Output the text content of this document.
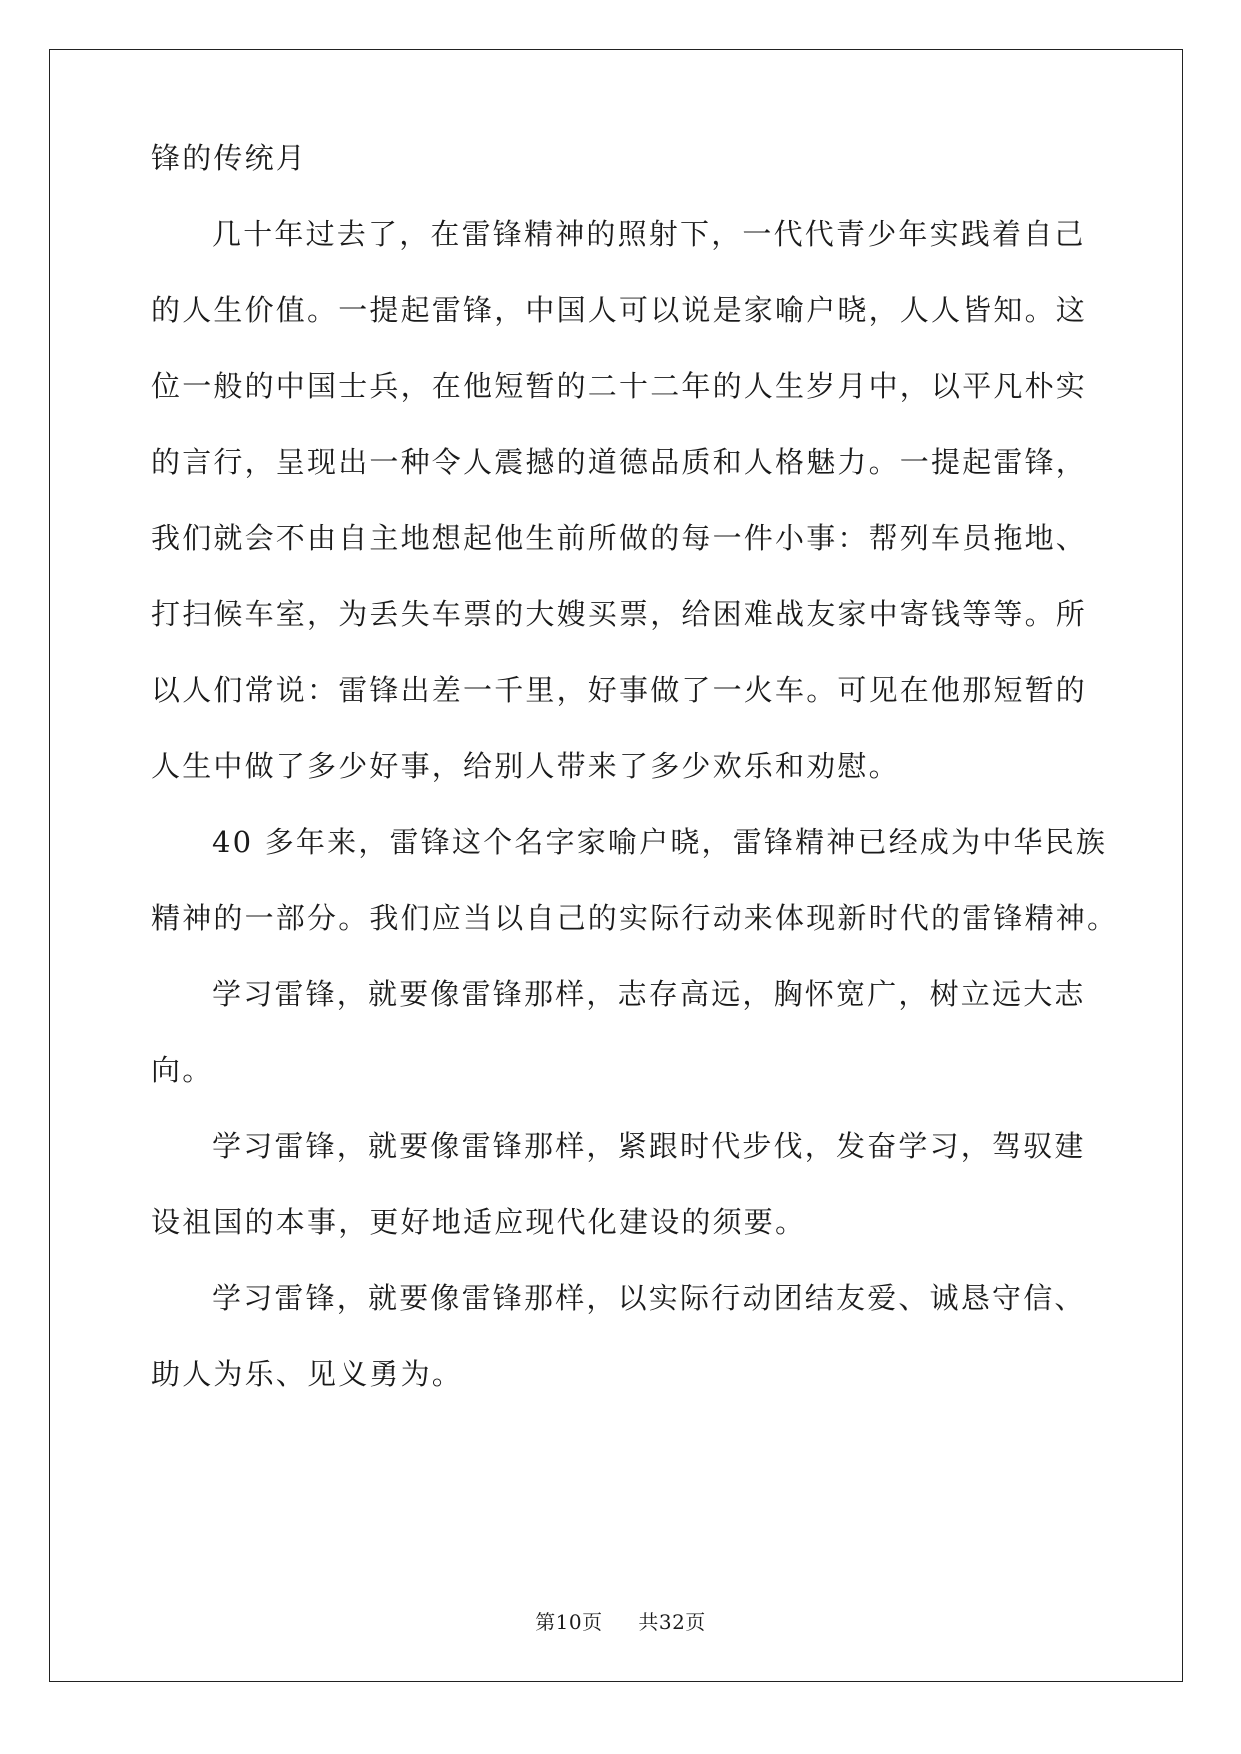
锋的传统月
几十年过去了，在雷锋精神的照射下，一代代青少年实践着自己
的人生价值。一提起雷锋，中国人可以说是家喻户晓，人人皆知。这
位一般的中国士兵，在他短暂的二十二年的人生岁月中，以平凡朴实
的言行，呈现出一种令人震撼的道德品质和人格魅力。一提起雷锋，
我们就会不由自主地想起他生前所做的每一件小事：帮列车员拖地、
打扫候车室，为丢失车票的大嫂买票，给困难战友家中寄钱等等。所
以人们常说：雷锋出差一千里，好事做了一火车。可见在他那短暂的
人生中做了多少好事，给别人带来了多少欢乐和劝慰。
40 多年来，雷锋这个名字家喻户晓，雷锋精神已经成为中华民族
精神的一部分。我们应当以自己的实际行动来体现新时代的雷锋精神。
学习雷锋，就要像雷锋那样，志存高远，胸怀宽广，树立远大志
向。
学习雷锋，就要像雷锋那样，紧跟时代步伐，发奋学习，驾驭建
设祖国的本事，更好地适应现代化建设的须要。
学习雷锋，就要像雷锋那样，以实际行动团结友爱、诚恳守信、
助人为乐、见义勇为。
第10页 共32页
